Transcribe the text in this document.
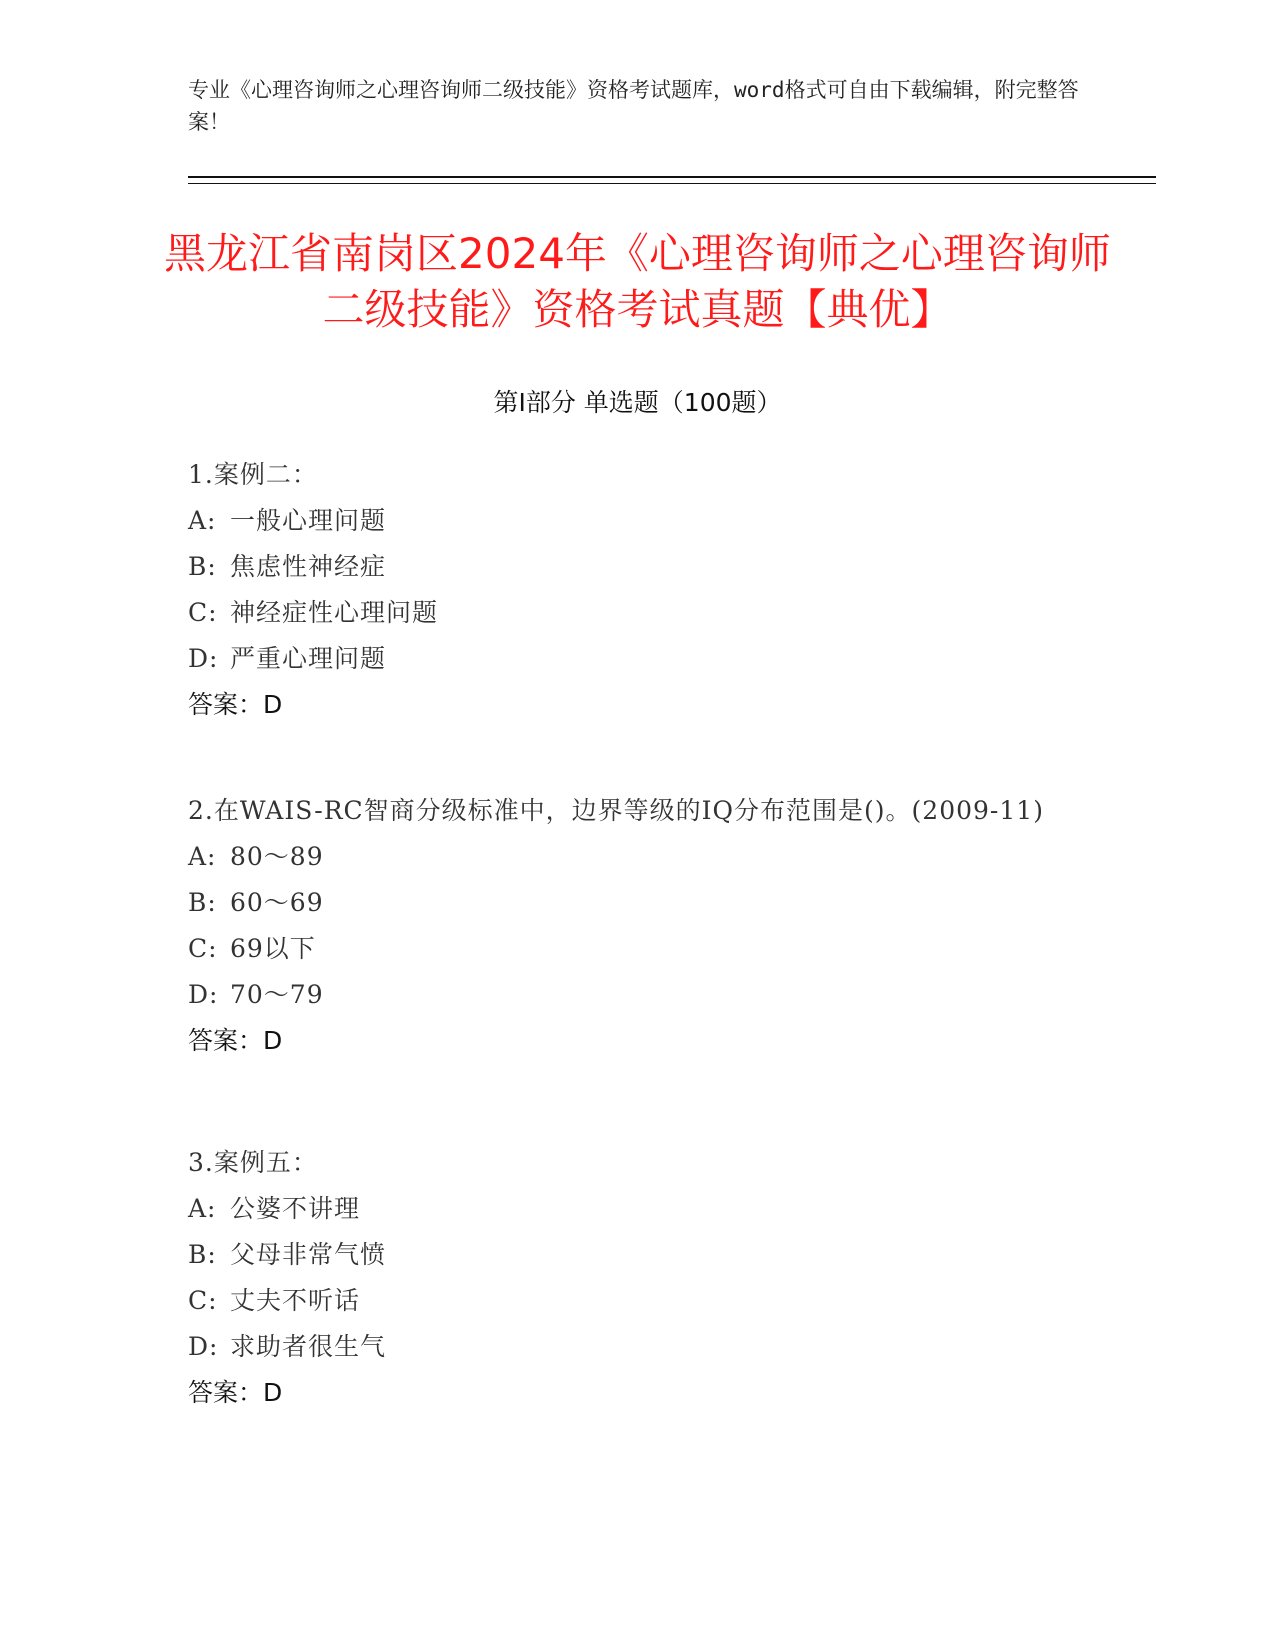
专业《心理咨询师之心理咨询师二级技能》资格考试题库，word格式可自由下载编辑，附完整答案！
黑龙江省南岗区2024年《心理咨询师之心理咨询师二级技能》资格考试真题【典优】
第Ⅰ部分 单选题（100题）
1.案例二：
A: 一般心理问题
B: 焦虑性神经症
C: 神经症性心理问题
D: 严重心理问题
答案：D
2.在WAIS-RC智商分级标准中，边界等级的IQ分布范围是()。(2009-11)
A: 80～89
B: 60～69
C: 69以下
D: 70～79
答案：D
3.案例五：
A: 公婆不讲理
B: 父母非常气愤
C: 丈夫不听话
D: 求助者很生气
答案：D
